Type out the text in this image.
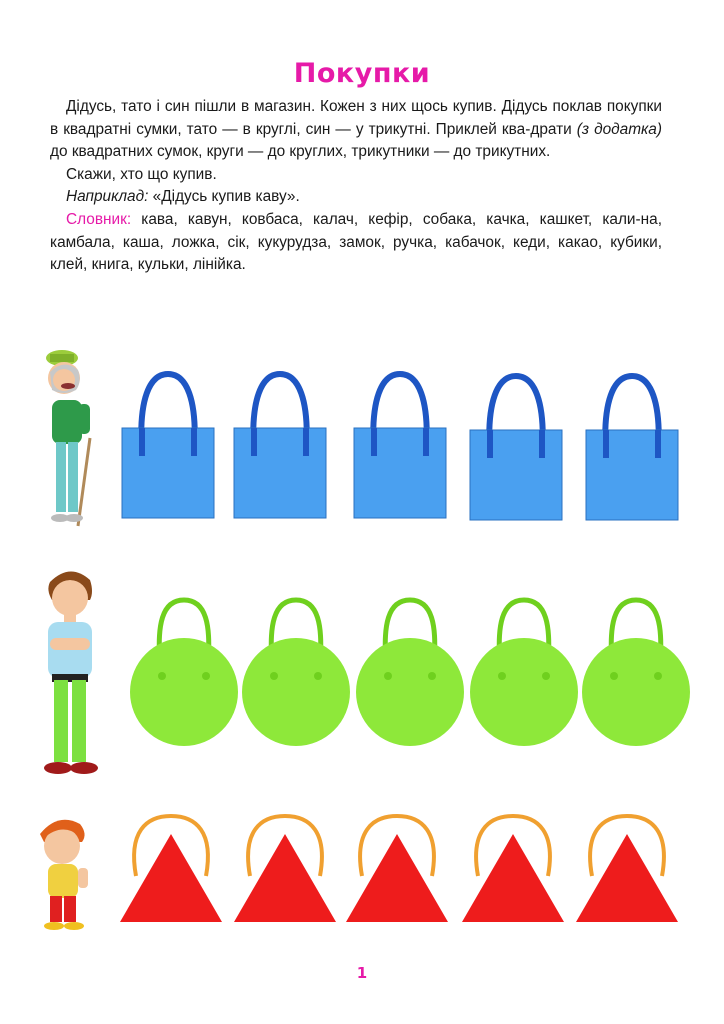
Покупки

Дідусь, тато і син пішли в магазин. Кожен з них щось купив. Дідусь поклав покупки в квадратні сумки, тато — в круглі, син — у трикутні. Приклей ква-драти (з додатка) до квадратних сумок, круги — до круглих, трикутники — до трикутних.

Скажи, хто що купив.

Наприклад: «Дідусь купив каву».

Словник: кава, кавун, ковбаса, калач, кефір, собака, качка, кашкет, кали-на, камбала, каша, ложка, сік, кукурудза, замок, ручка, кабачок, кеди, какао, кубики, клей, книга, кульки, лінійка.

1
